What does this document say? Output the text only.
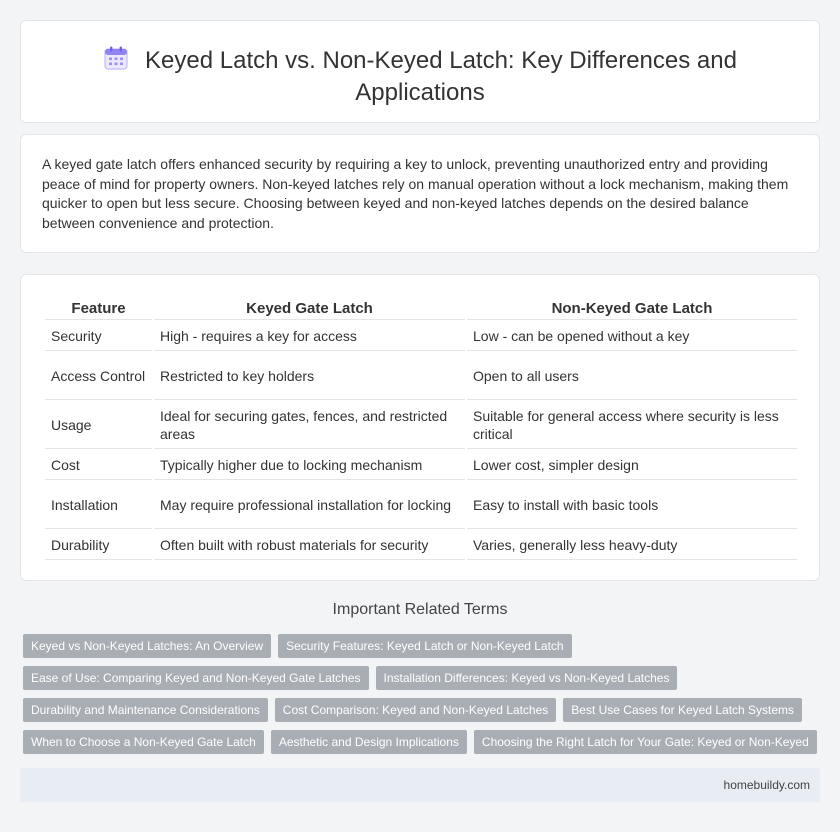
Keyed Latch vs. Non-Keyed Latch: Key Differences and
Applications

A keyed gate latch offers enhanced security by requiring a key to unlock, preventing unauthorized entry and providing peace of mind for property owners. Non-keyed latches rely on manual operation without a lock mechanism, making them quicker to open but less secure. Choosing between keyed and non-keyed latches depends on the desired balance between convenience and protection.

Feature	Keyed Gate Latch	Non-Keyed Gate Latch
Security	High - requires a key for access	Low - can be opened without a key
Access Control	Restricted to key holders	Open to all users
Usage	Ideal for securing gates, fences, and restricted areas	Suitable for general access where security is less critical
Cost	Typically higher due to locking mechanism	Lower cost, simpler design
Installation	May require professional installation for locking	Easy to install with basic tools
Durability	Often built with robust materials for security	Varies, generally less heavy-duty
Important Related Terms
Keyed vs Non-Keyed Latches: An Overview	Security Features: Keyed Latch or Non-Keyed Latch
Ease of Use: Comparing Keyed and Non-Keyed Gate Latches	Installation Differences: Keyed vs Non-Keyed Latches
Durability and Maintenance Considerations	Cost Comparison: Keyed and Non-Keyed Latches	Best Use Cases for Keyed Latch Systems
When to Choose a Non-Keyed Gate Latch	Aesthetic and Design Implications	Choosing the Right Latch for Your Gate: Keyed or Non-Keyed
homebuildy.com
